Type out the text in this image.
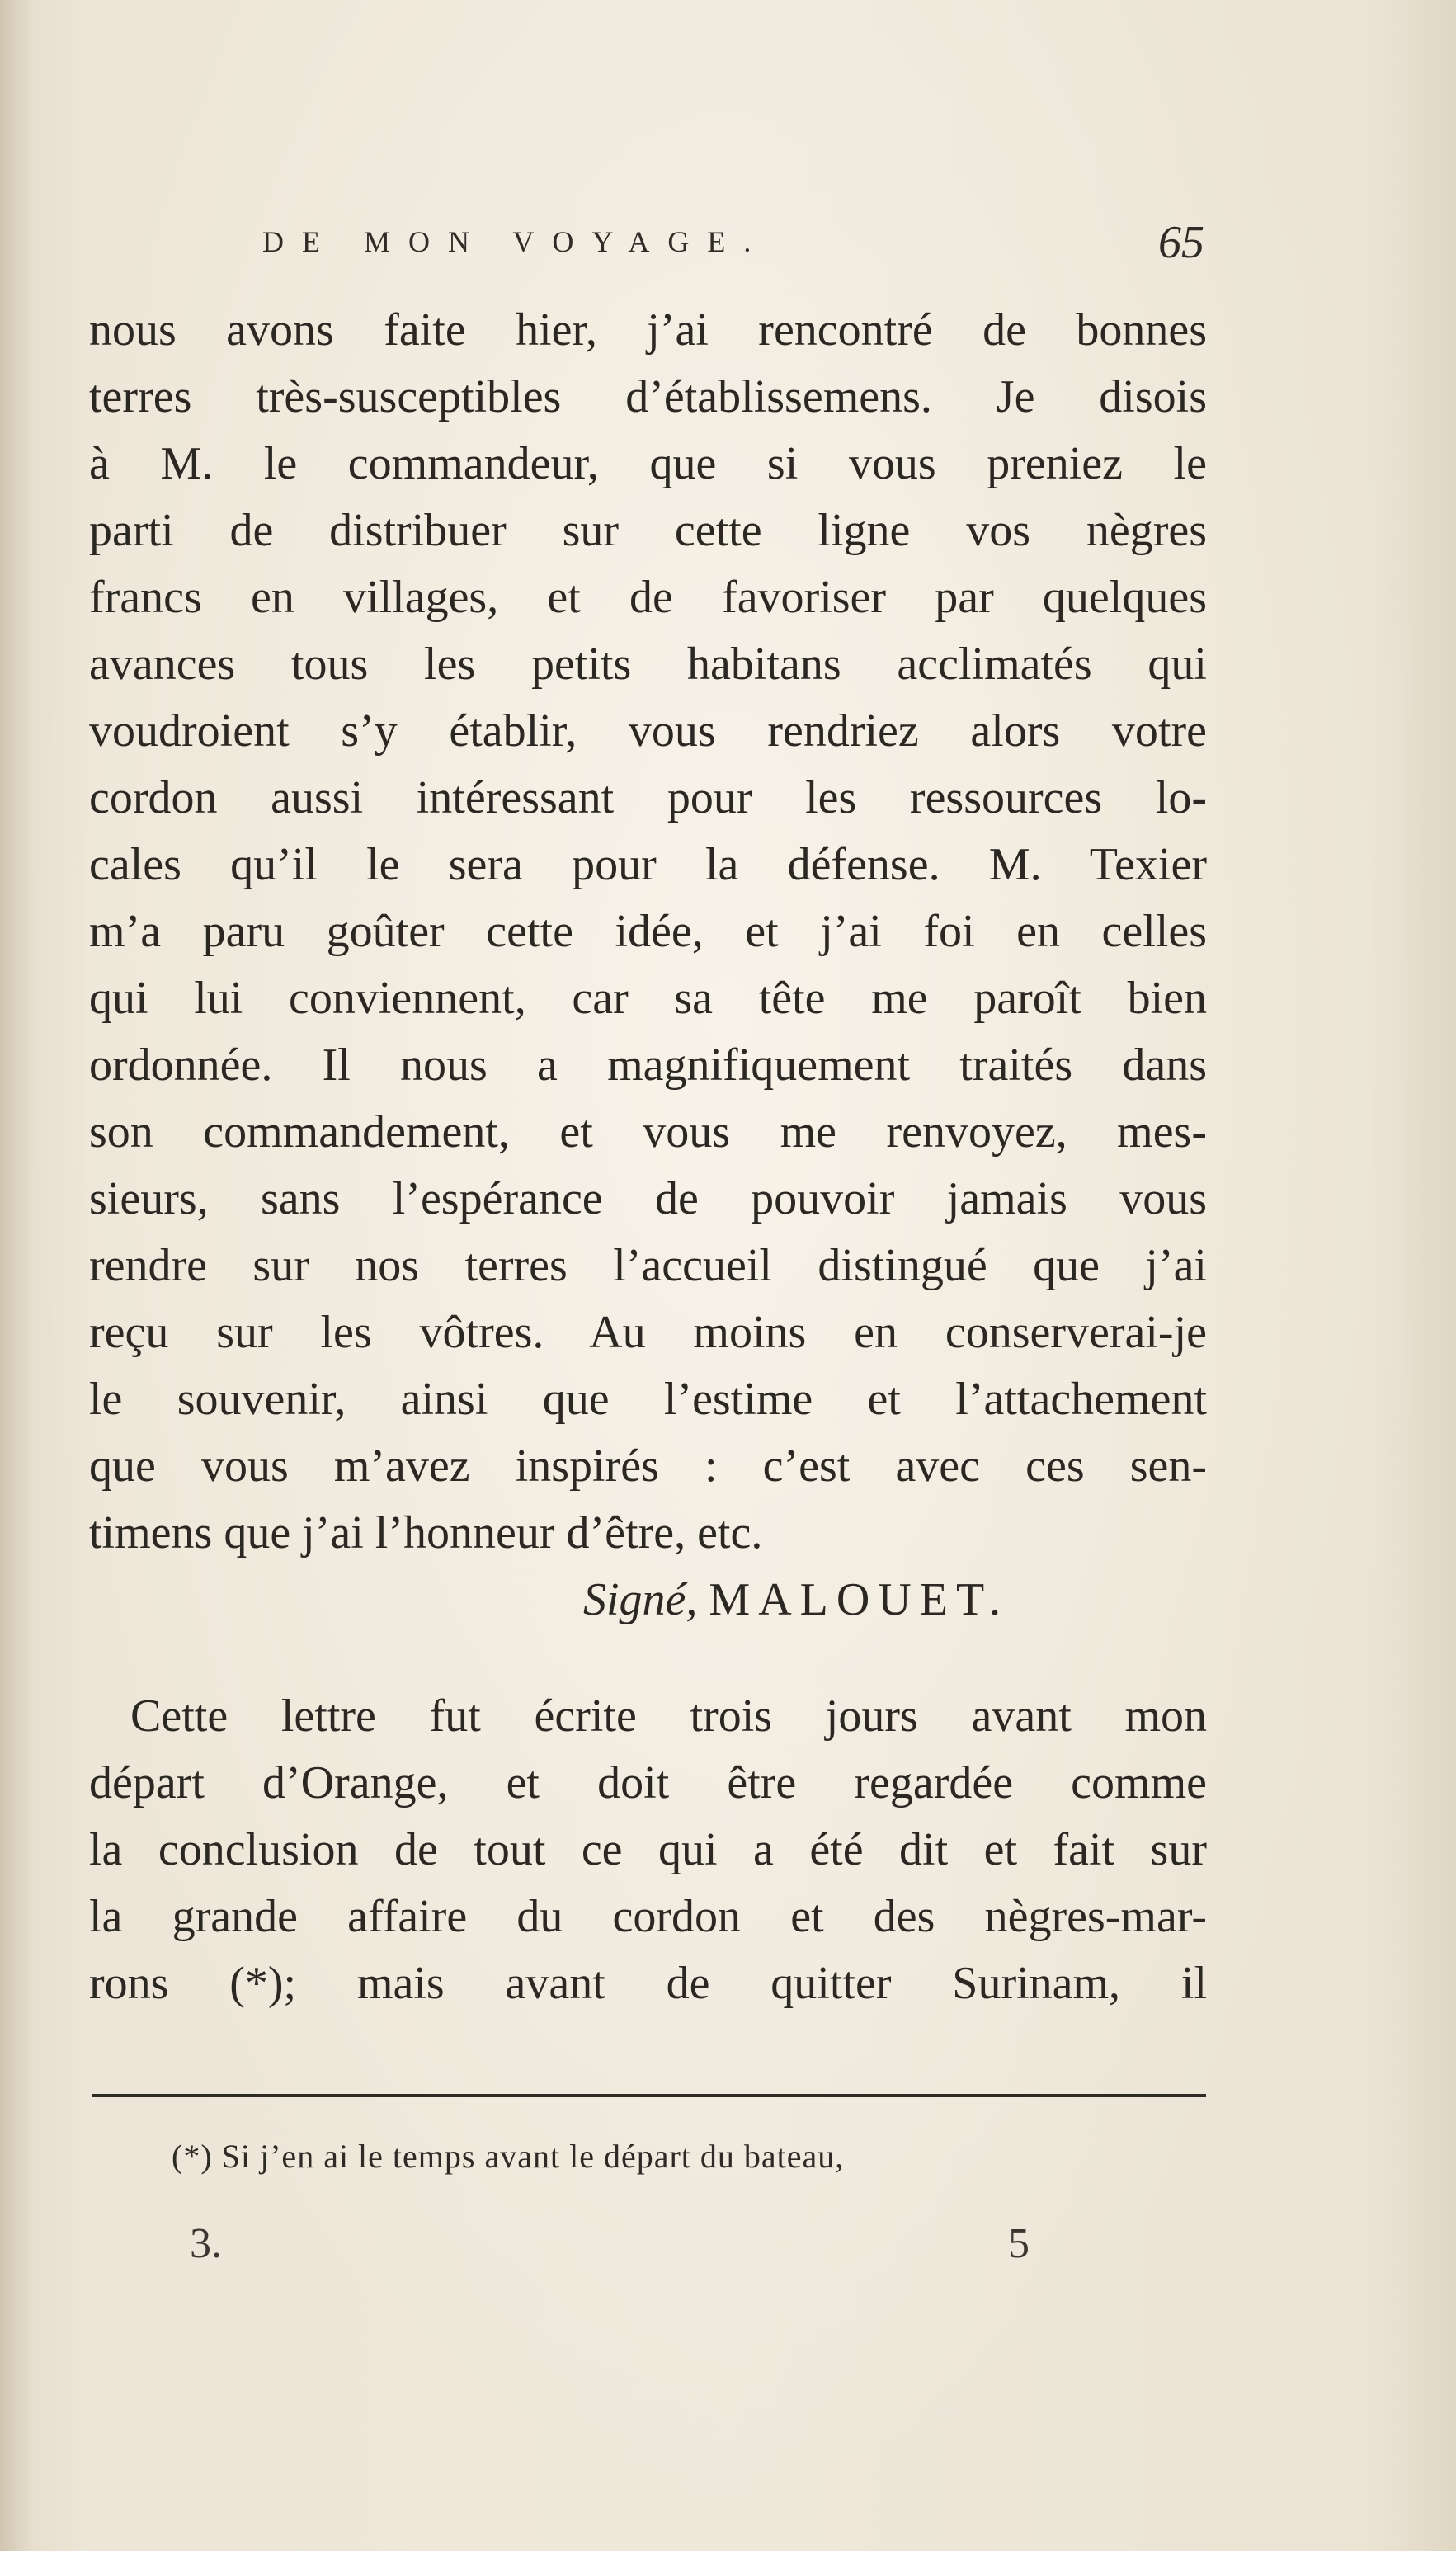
DE MON VOYAGE.	65
nous avons faite hier, j’ai rencontré de bonnes
terres très-susceptibles d’établissemens. Je disois
à M. le commandeur, que si vous preniez le
parti de distribuer sur cette ligne vos nègres
francs en villages, et de favoriser par quelques
avances tous les petits habitans acclimatés qui
voudroient s’y établir, vous rendriez alors votre
cordon aussi intéressant pour les ressources lo-
cales qu’il le sera pour la défense. M. Texier
m’a paru goûter cette idée, et j’ai foi en celles
qui lui conviennent, car sa tête me paroît bien
ordonnée. Il nous a magnifiquement traités dans
son commandement, et vous me renvoyez, mes-
sieurs, sans l’espérance de pouvoir jamais vous
rendre sur nos terres l’accueil distingué que j’ai
reçu sur les vôtres. Au moins en conserverai-je
le souvenir, ainsi que l’estime et l’attachement
que vous m’avez inspirés : c’est avec ces sen-
timens que j’ai l’honneur d’être, etc.
Signé, MALOUET.
Cette lettre fut écrite trois jours avant mon
départ d’Orange, et doit être regardée comme
la conclusion de tout ce qui a été dit et fait sur
la grande affaire du cordon et des nègres-mar-
rons (*); mais avant de quitter Surinam, il
(*) Si j’en ai le temps avant le départ du bateau,
3.	5
